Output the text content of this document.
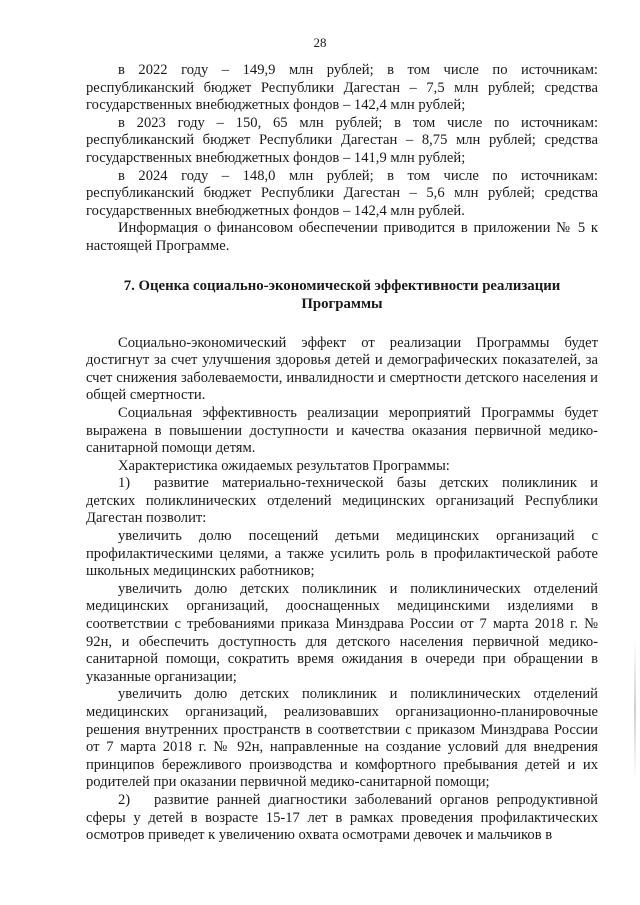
28

в 2022 году – 149,9 млн рублей; в том числе по источникам: республиканский бюджет Республики Дагестан – 7,5 млн рублей; средства государственных внебюджетных фондов – 142,4 млн рублей;

в 2023 году – 150, 65 млн рублей; в том числе по источникам: республиканский бюджет Республики Дагестан – 8,75 млн рублей; средства государственных внебюджетных фондов – 141,9 млн рублей;

в 2024 году – 148,0 млн рублей; в том числе по источникам: республиканский бюджет Республики Дагестан – 5,6 млн рублей; средства государственных внебюджетных фондов – 142,4 млн рублей.

Информация о финансовом обеспечении приводится в приложении № 5 к настоящей Программе.

7. Оценка социально-экономической эффективности реализации
Программы

Социально-экономический эффект от реализации Программы будет достигнут за счет улучшения здоровья детей и демографических показателей, за счет снижения заболеваемости, инвалидности и смертности детского населения и общей смертности.

Социальная эффективность реализации мероприятий Программы будет выражена в повышении доступности и качества оказания первичной медико-санитарной помощи детям.

Характеристика ожидаемых результатов Программы:

1) развитие материально-технической базы детских поликлиник и детских поликлинических отделений медицинских организаций Республики Дагестан позволит:

увеличить долю посещений детьми медицинских организаций с профилактическими целями, а также усилить роль в профилактической работе школьных медицинских работников;

увеличить долю детских поликлиник и поликлинических отделений медицинских организаций, дооснащенных медицинскими изделиями в соответствии с требованиями приказа Минздрава России от 7 марта 2018 г. № 92н, и обеспечить доступность для детского населения первичной медико-санитарной помощи, сократить время ожидания в очереди при обращении в указанные организации;

увеличить долю детских поликлиник и поликлинических отделений медицинских организаций, реализовавших организационно-планировочные решения внутренних пространств в соответствии с приказом Минздрава России от 7 марта 2018 г. № 92н, направленные на создание условий для внедрения принципов бережливого производства и комфортного пребывания детей и их родителей при оказании первичной медико-санитарной помощи;

2) развитие ранней диагностики заболеваний органов репродуктивной сферы у детей в возрасте 15-17 лет в рамках проведения профилактических осмотров приведет к увеличению охвата осмотрами девочек и мальчиков в
